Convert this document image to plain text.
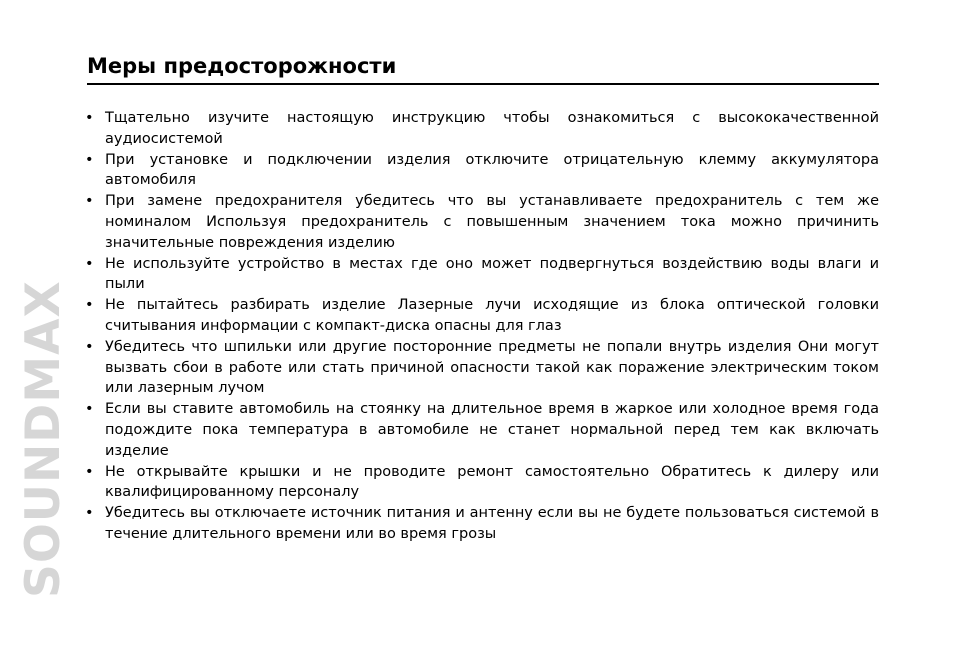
SOUNDMAX
Меры предосторожности
• Тщательно изучите настоящую инструкцию чтобы ознакомиться с высококачественной аудиосистемой
• При установке и подключении изделия отключите отрицательную клемму аккумулятора автомобиля
• При замене предохранителя убедитесь что вы устанавливаете предохранитель с тем же номиналом Используя предохранитель с повышенным значением тока можно причинить значительные повреждения изделию
• Не используйте устройство в местах где оно может подвергнуться воздействию воды влаги и пыли
• Не пытайтесь разбирать изделие Лазерные лучи исходящие из блока оптической головки считывания информации с компакт-диска опасны для глаз
• Убедитесь что шпильки или другие посторонние предметы не попали внутрь изделия Они могут вызвать сбои в работе или стать причиной опасности такой как поражение электрическим током или лазерным лучом
• Если вы ставите автомобиль на стоянку на длительное время в жаркое или холодное время года подождите пока температура в автомобиле не станет нормальной перед тем как включать изделие
• Не открывайте крышки и не проводите ремонт самостоятельно Обратитесь к дилеру или квалифицированному персоналу
• Убедитесь вы отключаете источник питания и антенну если вы не будете пользоваться системой в течение длительного времени или во время грозы
